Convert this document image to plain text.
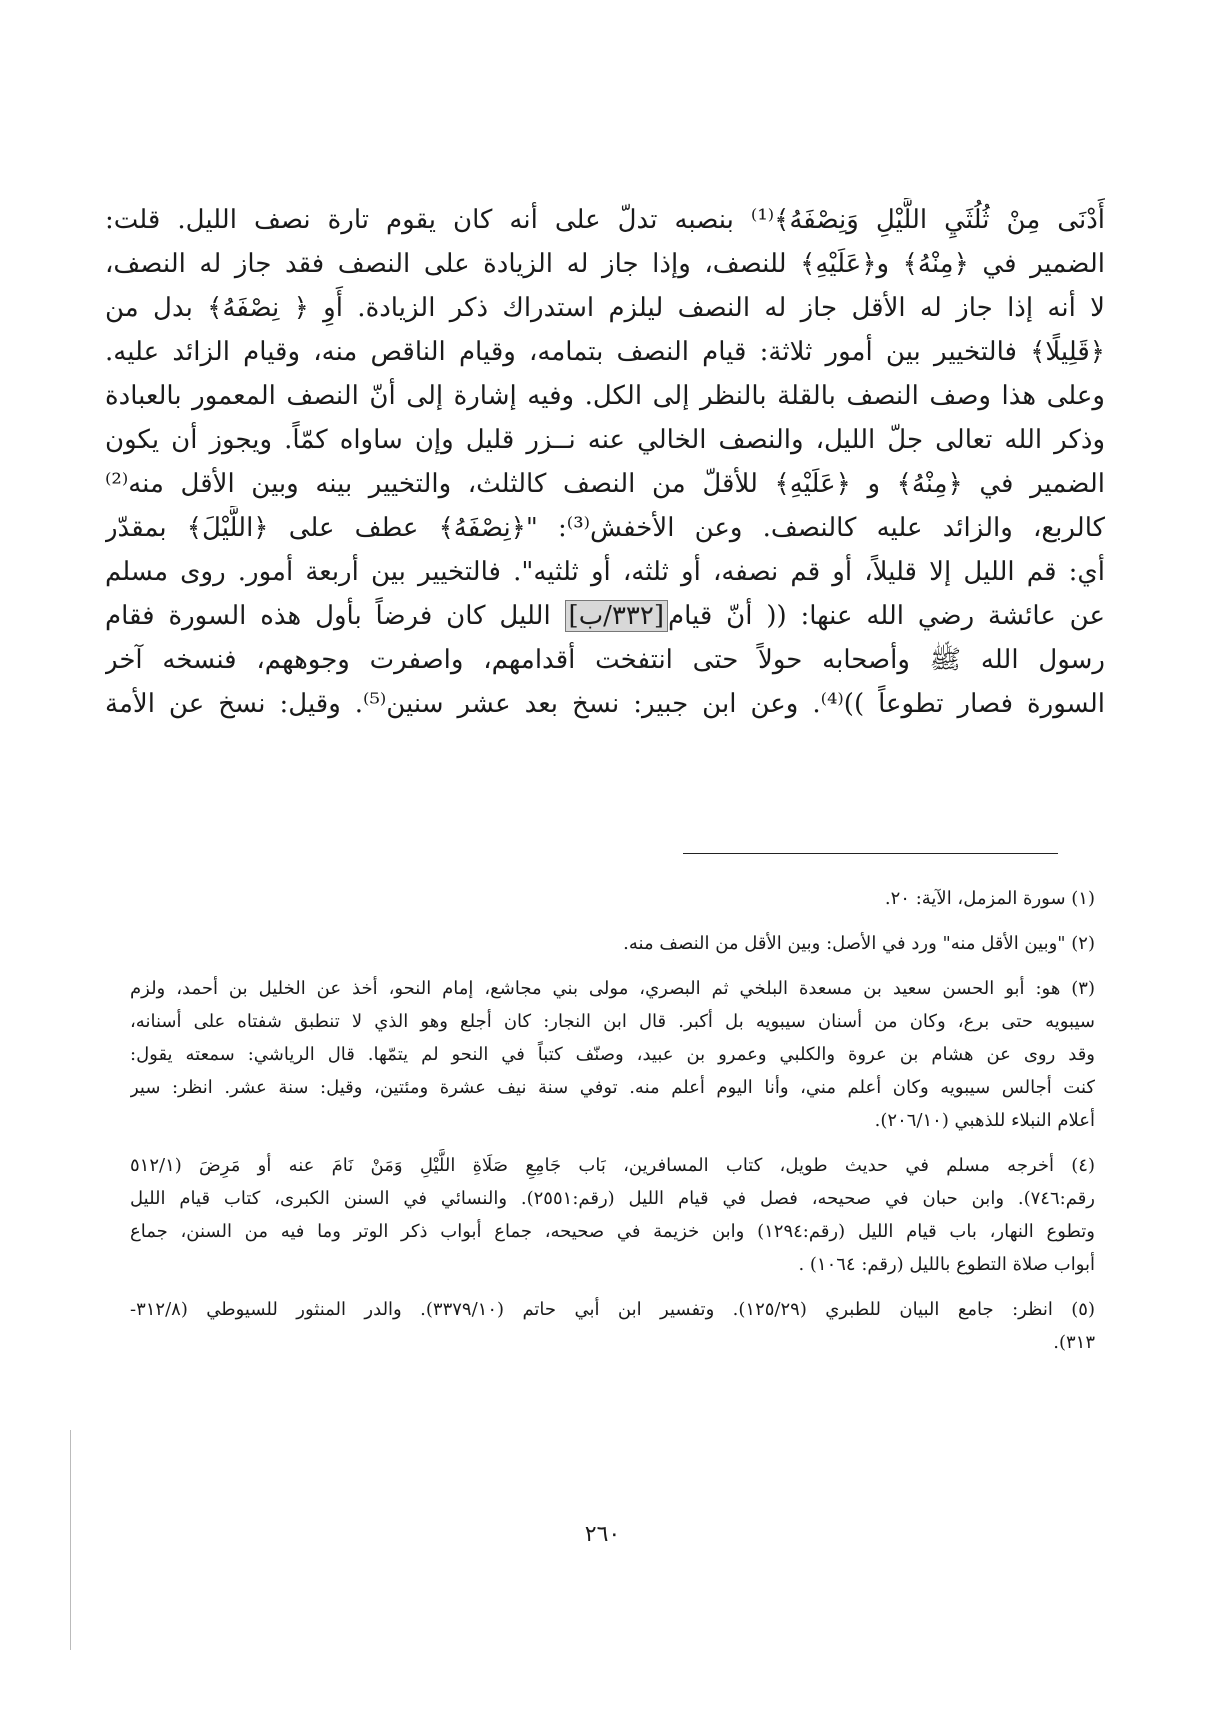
أَدْنَى مِنْ ثُلُثَيِ اللَّيْلِ وَنِصْفَهُ﴾⁽¹⁾ بنصبه تدلّ على أنه كان يقوم تارة نصف الليل. قلت:
الضمير في ﴿مِنْهُ﴾ و﴿عَلَيْهِ﴾ للنصف، وإذا جاز له الزيادة على النصف فقد جاز له النصف،
لا أنه إذا جاز له الأقل جاز له النصف ليلزم استدراك ذكر الزيادة. أَوِ ﴿ نِصْفَهُ﴾ بدل من
﴿قَلِيلًا﴾ فالتخيير بين أمور ثلاثة: قيام النصف بتمامه، وقيام الناقص منه، وقيام الزائد عليه.
وعلى هذا وصف النصف بالقلة بالنظر إلى الكل. وفيه إشارة إلى أنّ النصف المعمور بالعبادة
وذكر الله تعالى جلّ الليل، والنصف الخالي عنه نــزر قليل وإن ساواه كمّاً. ويجوز أن يكون
الضمير في ﴿مِنْهُ﴾ و ﴿عَلَيْهِ﴾ للأقلّ من النصف كالثلث، والتخيير بينه وبين الأقل منه⁽²⁾
كالربع، والزائد عليه كالنصف. وعن الأخفش⁽³⁾: "﴿نِصْفَهُ﴾ عطف على ﴿اللَّيْلَ﴾ بمقدّر
أي: قم الليل إلا قليلاً، أو قم نصفه، أو ثلثه، أو ثلثيه". فالتخيير بين أربعة أمور. روى مسلم
عن عائشة رضي الله عنها: (( أنّ قيام[٣٣٢/ب] الليل كان فرضاً بأول هذه السورة فقام
رسول الله ﷺ وأصحابه حولاً حتى انتفخت أقدامهم، واصفرت وجوههم، فنسخه آخر
السورة فصار تطوعاً ))⁽⁴⁾. وعن ابن جبير: نسخ بعد عشر سنين⁽⁵⁾. وقيل: نسخ عن الأمة
(١) سورة المزمل، الآية: ٢٠.
(٢) "وبين الأقل منه" ورد في الأصل: وبين الأقل من النصف منه.
(٣) هو: أبو الحسن سعيد بن مسعدة البلخي ثم البصري، مولى بني مجاشع، إمام النحو، أخذ عن الخليل بن أحمد، ولزم
سيبويه حتى برع، وكان من أسنان سيبويه بل أكبر. قال ابن النجار: كان أجلع وهو الذي لا تنطبق شفتاه على أسنانه،
وقد روى عن هشام بن عروة والكلبي وعمرو بن عبيد، وصنّف كتباً في النحو لم يتمّها. قال الرياشي: سمعته يقول:
كنت أجالس سيبويه وكان أعلم مني، وأنا اليوم أعلم منه. توفي سنة نيف عشرة ومئتين، وقيل: سنة عشر. انظر: سير
أعلام النبلاء للذهبي (٢٠٦/١٠).
(٤) أخرجه مسلم في حديث طويل، كتاب المسافرين، بَاب جَامِعِ صَلَاةِ اللَّيْلِ وَمَنْ نَامَ عنه أو مَرِضَ (٥١٢/١
رقم:٧٤٦). وابن حبان في صحيحه، فصل في قيام الليل (رقم:٢٥٥١). والنسائي في السنن الكبرى، كتاب قيام الليل
وتطوع النهار، باب قيام الليل (رقم:١٢٩٤) وابن خزيمة في صحيحه، جماع أبواب ذكر الوتر وما فيه من السنن، جماع
أبواب صلاة التطوع بالليل (رقم: ١٠٦٤) .
(٥) انظر: جامع البيان للطبري (١٢٥/٢٩). وتفسير ابن أبي حاتم (٣٣٧٩/١٠). والدر المنثور للسيوطي (٣١٢/٨-
٣١٣).
٢٦٠
